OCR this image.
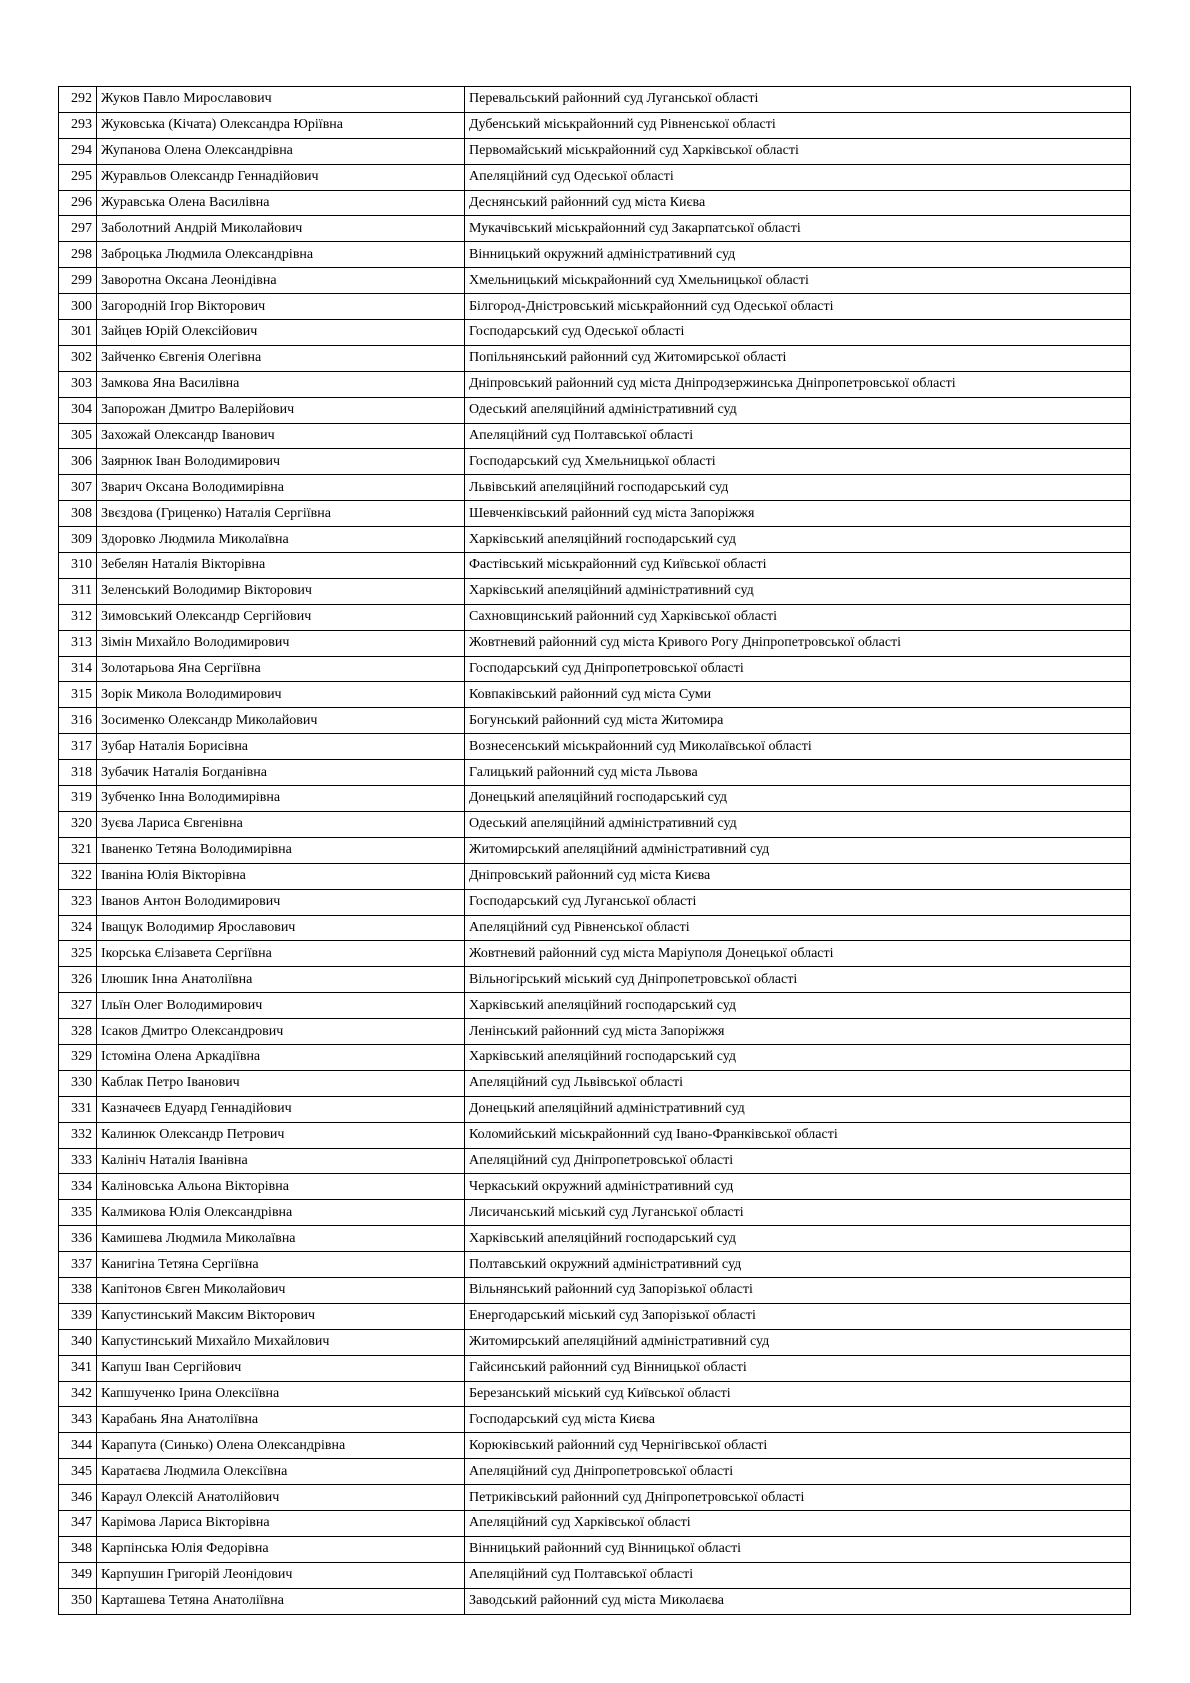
292	Жуков Павло Мирославович	Перевальський районний суд Луганської області
293	Жуковська (Кічата) Олександра Юріївна	Дубенський міськрайонний суд Рівненської області
294	Жупанова Олена Олександрівна	Первомайський міськрайонний суд Харківської області
295	Журавльов Олександр Геннадійович	Апеляційний суд Одеської області
296	Журавська Олена Василівна	Деснянський районний суд міста Києва
297	Заболотний Андрій Миколайович	Мукачівський міськрайонний суд Закарпатської області
298	Заброцька Людмила Олександрівна	Вінницький окружний адміністративний суд
299	Заворотна Оксана Леонідівна	Хмельницький міськрайонний суд Хмельницької області
300	Загородній Ігор Вікторович	Білгород-Дністровський міськрайонний суд Одеської області
301	Зайцев Юрій Олексійович	Господарський суд Одеської області
302	Зайченко Євгенія Олегівна	Попільнянський районний суд Житомирської області
303	Замкова Яна Василівна	Дніпровський районний суд міста Дніпродзержинська Дніпропетровської області
304	Запорожан Дмитро Валерійович	Одеський апеляційний адміністративний суд
305	Захожай Олександр Іванович	Апеляційний суд Полтавської області
306	Заярнюк Іван Володимирович	Господарський суд Хмельницької області
307	Зварич Оксана Володимирівна	Львівський апеляційний господарський суд
308	Звєздова (Гриценко) Наталія Сергіївна	Шевченківський районний суд міста Запоріжжя
309	Здоровко Людмила Миколаївна	Харківський апеляційний господарський суд
310	Зебелян Наталія Вікторівна	Фастівський міськрайонний суд Київської області
311	Зеленський Володимир Вікторович	Харківський апеляційний адміністративний суд
312	Зимовський Олександр Сергійович	Сахновщинський районний суд Харківської області
313	Зімін Михайло Володимирович	Жовтневий районний суд міста Кривого Рогу Дніпропетровської області
314	Золотарьова Яна Сергіївна	Господарський суд Дніпропетровської області
315	Зорік Микола Володимирович	Ковпаківський районний суд міста Суми
316	Зосименко Олександр Миколайович	Богунський районний суд міста Житомира
317	Зубар Наталія Борисівна	Вознесенський міськрайонний суд Миколаївської області
318	Зубачик Наталія Богданівна	Галицький районний суд міста Львова
319	Зубченко Інна Володимирівна	Донецький апеляційний господарський суд
320	Зуєва Лариса Євгенівна	Одеський апеляційний адміністративний суд
321	Іваненко Тетяна Володимирівна	Житомирський апеляційний адміністративний суд
322	Іваніна Юлія Вікторівна	Дніпровський районний суд міста Києва
323	Іванов Антон Володимирович	Господарський суд Луганської області
324	Іващук Володимир Ярославович	Апеляційний суд Рівненської області
325	Ікорська Єлізавета Сергіївна	Жовтневий районний суд міста Маріуполя Донецької області
326	Ілюшик Інна Анатоліївна	Вільногірський міський суд Дніпропетровської області
327	Ільїн Олег Володимирович	Харківський апеляційний господарський суд
328	Ісаков Дмитро Олександрович	Ленінський районний суд міста Запоріжжя
329	Істоміна Олена Аркадіївна	Харківський апеляційний господарський суд
330	Каблак Петро Іванович	Апеляційний суд Львівської області
331	Казначеєв Едуард Геннадійович	Донецький апеляційний адміністративний суд
332	Калинюк Олександр Петрович	Коломийський міськрайонний суд Івано-Франківської області
333	Калініч Наталія Іванівна	Апеляційний суд Дніпропетровської області
334	Каліновська Альона Вікторівна	Черкаський окружний адміністративний суд
335	Калмикова Юлія Олександрівна	Лисичанський міський суд Луганської області
336	Камишева Людмила Миколаївна	Харківський апеляційний господарський суд
337	Канигіна Тетяна Сергіївна	Полтавський окружний адміністративний суд
338	Капітонов Євген Миколайович	Вільнянський районний суд Запорізької області
339	Капустинський Максим Вікторович	Енергодарський міський суд Запорізької області
340	Капустинський Михайло Михайлович	Житомирський апеляційний адміністративний суд
341	Капуш Іван Сергійович	Гайсинський районний суд Вінницької області
342	Капшученко Ірина Олексіївна	Березанський міський суд Київської області
343	Карабань Яна Анатоліївна	Господарський суд міста Києва
344	Карапута (Синько) Олена Олександрівна	Корюківський районний суд Чернігівської області
345	Каратаєва Людмила Олексіївна	Апеляційний суд Дніпропетровської області
346	Караул Олексій Анатолійович	Петриківський районний суд Дніпропетровської області
347	Карімова Лариса Вікторівна	Апеляційний суд Харківської області
348	Карпінська Юлія Федорівна	Вінницький районний суд Вінницької області
349	Карпушин Григорій Леонідович	Апеляційний суд Полтавської області
350	Карташева Тетяна Анатоліївна	Заводський районний суд міста Миколаєва
